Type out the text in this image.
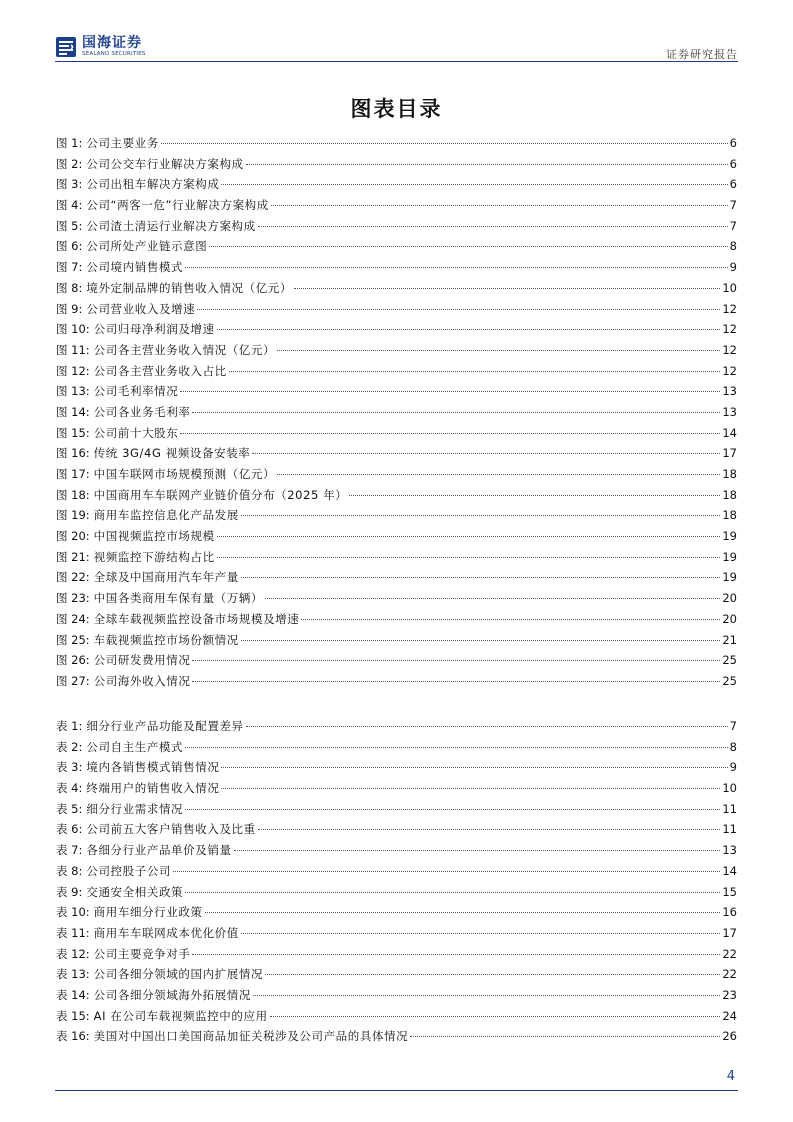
国海证券
SEALAND SECURITIES	证券研究报告
图表目录
图 1: 公司主要业务	6
图 2: 公司公交车行业解决方案构成	6
图 3: 公司出租车解决方案构成	6
图 4: 公司“两客一危”行业解决方案构成	7
图 5: 公司渣土清运行业解决方案构成	7
图 6: 公司所处产业链示意图	8
图 7: 公司境内销售模式	9
图 8: 境外定制品牌的销售收入情况（亿元）	10
图 9: 公司营业收入及增速	12
图 10: 公司归母净利润及增速	12
图 11: 公司各主营业务收入情况（亿元）	12
图 12: 公司各主营业务收入占比	12
图 13: 公司毛利率情况	13
图 14: 公司各业务毛利率	13
图 15: 公司前十大股东	14
图 16: 传统 3G/4G 视频设备安装率	17
图 17: 中国车联网市场规模预测（亿元）	18
图 18: 中国商用车车联网产业链价值分布（2025 年）	18
图 19: 商用车监控信息化产品发展	18
图 20: 中国视频监控市场规模	19
图 21: 视频监控下游结构占比	19
图 22: 全球及中国商用汽车年产量	19
图 23: 中国各类商用车保有量（万辆）	20
图 24: 全球车载视频监控设备市场规模及增速	20
图 25: 车载视频监控市场份额情况	21
图 26: 公司研发费用情况	25
图 27: 公司海外收入情况	25
表 1: 细分行业产品功能及配置差异	7
表 2: 公司自主生产模式	8
表 3: 境内各销售模式销售情况	9
表 4: 终端用户的销售收入情况	10
表 5: 细分行业需求情况	11
表 6: 公司前五大客户销售收入及比重	11
表 7: 各细分行业产品单价及销量	13
表 8: 公司控股子公司	14
表 9: 交通安全相关政策	15
表 10: 商用车细分行业政策	16
表 11: 商用车车联网成本优化价值	17
表 12: 公司主要竞争对手	22
表 13: 公司各细分领域的国内扩展情况	22
表 14: 公司各细分领域海外拓展情况	23
表 15: AI 在公司车载视频监控中的应用	24
表 16: 美国对中国出口美国商品加征关税涉及公司产品的具体情况	26
4
